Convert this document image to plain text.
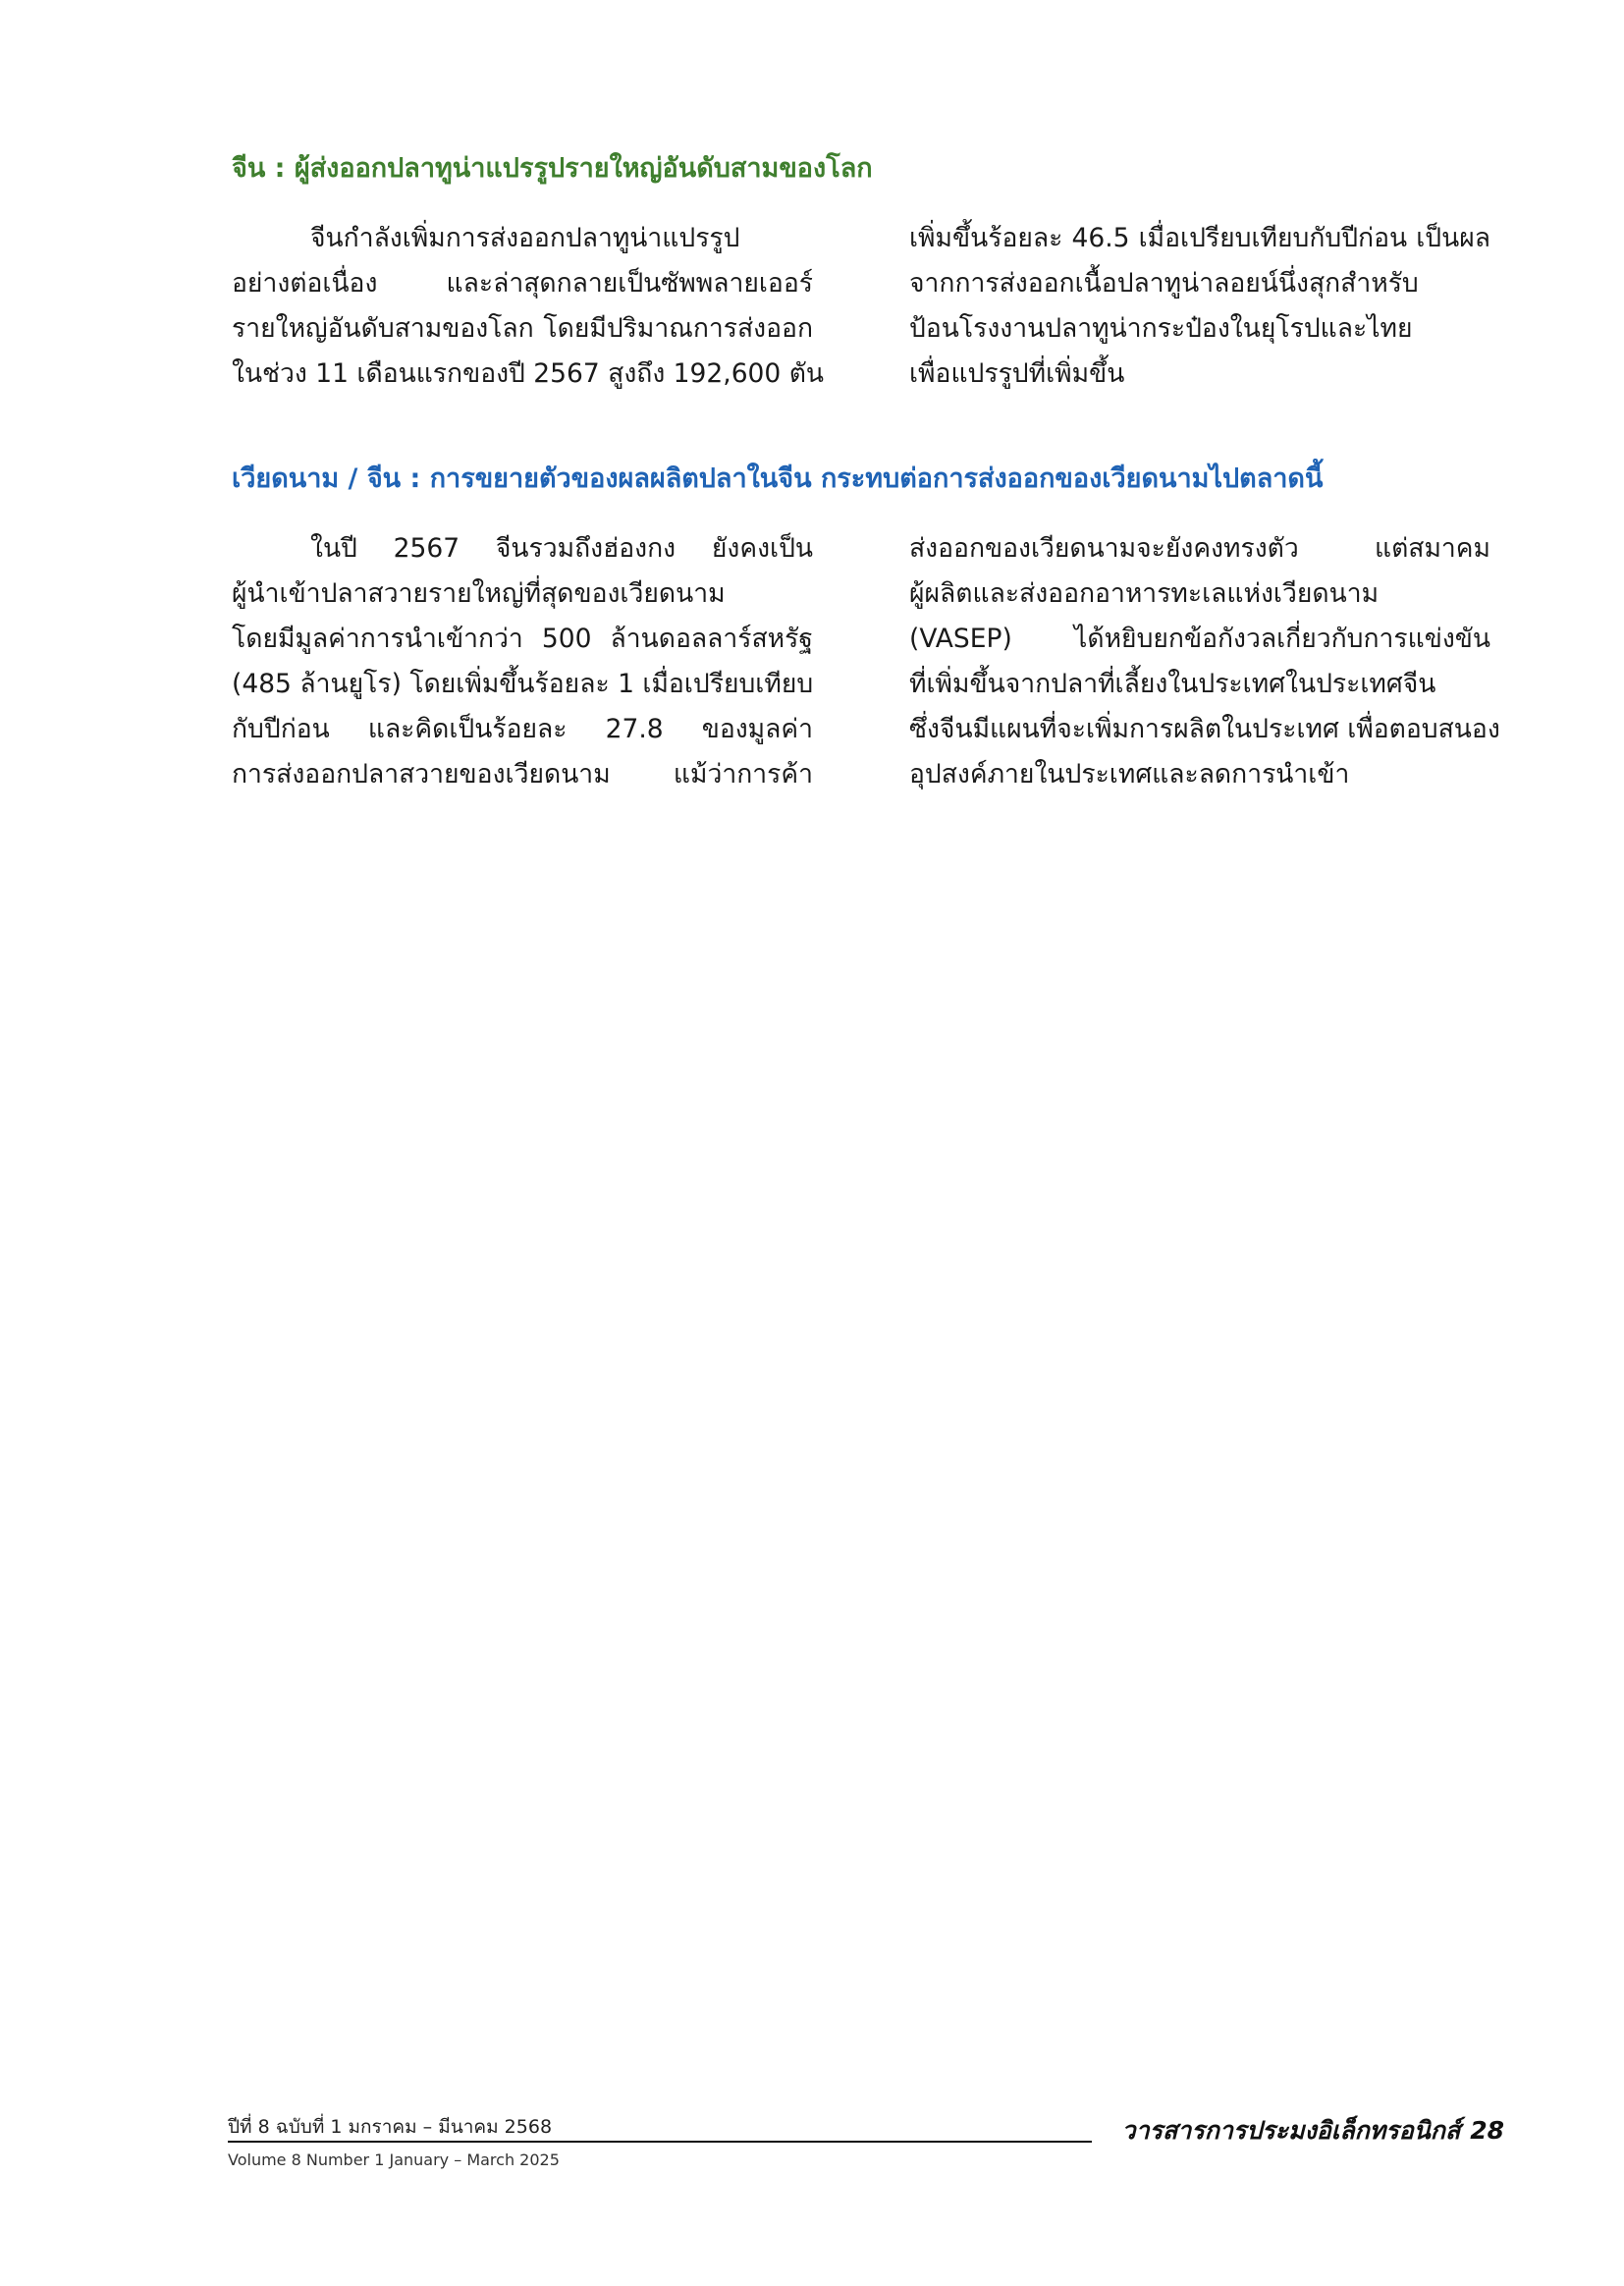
จีน : ผู้ส่งออกปลาทูน่าแปรรูปรายใหญ่อันดับสามของโลก
จีนกำลังเพิ่มการส่งออกปลาทูน่าแปรรูป
อย่างต่อเนื่อง และล่าสุดกลายเป็นซัพพลายเออร์
รายใหญ่อันดับสามของโลก โดยมีปริมาณการส่งออก
ในช่วง 11 เดือนแรกของปี 2567 สูงถึง 192,600 ตัน
เพิ่มขึ้นร้อยละ 46.5 เมื่อเปรียบเทียบกับปีก่อน เป็นผล
จากการส่งออกเนื้อปลาทูน่าลอยน์นึ่งสุกสำหรับ
ป้อนโรงงานปลาทูน่ากระป๋องในยุโรปและไทย
เพื่อแปรรูปที่เพิ่มขึ้น
เวียดนาม / จีน : การขยายตัวของผลผลิตปลาในจีน กระทบต่อการส่งออกของเวียดนามไปตลาดนี้
ในปี 2567 จีนรวมถึงฮ่องกง ยังคงเป็น
ผู้นำเข้าปลาสวายรายใหญ่ที่สุดของเวียดนาม
โดยมีมูลค่าการนำเข้ากว่า 500 ล้านดอลลาร์สหรัฐ
(485 ล้านยูโร) โดยเพิ่มขึ้นร้อยละ 1 เมื่อเปรียบเทียบ
กับปีก่อน และคิดเป็นร้อยละ 27.8 ของมูลค่า
การส่งออกปลาสวายของเวียดนาม แม้ว่าการค้า
ส่งออกของเวียดนามจะยังคงทรงตัว แต่สมาคม
ผู้ผลิตและส่งออกอาหารทะเลแห่งเวียดนาม
(VASEP) ได้หยิบยกข้อกังวลเกี่ยวกับการแข่งขัน
ที่เพิ่มขึ้นจากปลาที่เลี้ยงในประเทศในประเทศจีน
ซึ่งจีนมีแผนที่จะเพิ่มการผลิตในประเทศ เพื่อตอบสนอง
อุปสงค์ภายในประเทศและลดการนำเข้า
ปีที่ 8 ฉบับที่ 1 มกราคม – มีนาคม 2568
Volume 8 Number 1 January – March 2025
วารสารการประมงอิเล็กทรอนิกส์ 28
